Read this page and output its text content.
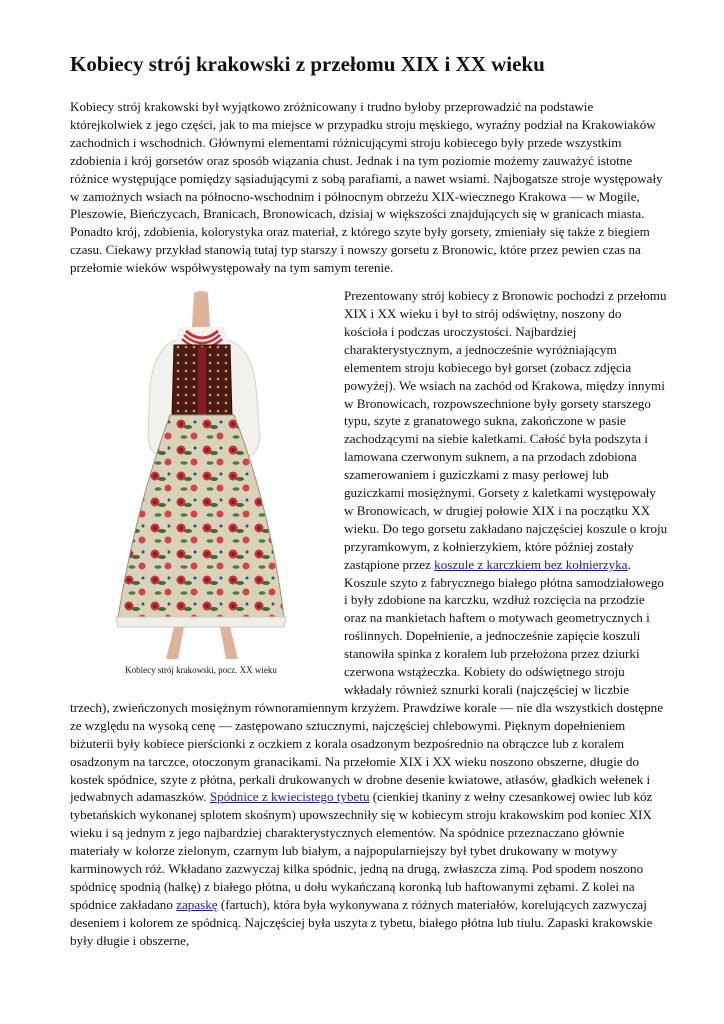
Kobiecy strój krakowski z przełomu XIX i XX wieku

Kobiecy strój krakowski był wyjątkowo zróżnicowany i trudno byłoby przeprowadzić na podstawie którejkolwiek z jego części, jak to ma miejsce w przypadku stroju męskiego, wyraźny podział na Krakowiaków zachodnich i wschodnich. Głównymi elementami różnicującymi stroju kobiecego były przede wszystkim zdobienia i krój gorsetów oraz sposób wiązania chust. Jednak i na tym poziomie możemy zauważyć istotne różnice występujące pomiędzy sąsiadującymi z sobą parafiami, a nawet wsiami. Najbogatsze stroje występowały w zamożnych wsiach na północno-wschodnim i północnym obrzeżu XIX-wiecznego Krakowa — w Mogile, Pleszowie, Bieńczycach, Branicach, Bronowicach, dzisiaj w większości znajdujących się w granicach miasta. Ponadto krój, zdobienia, kolorystyka oraz materiał, z którego szyte były gorsety, zmieniały się także z biegiem czasu. Ciekawy przykład stanowią tutaj typ starszy i nowszy gorsetu z Bronowic, które przez pewien czas na przełomie wieków współwystępowały na tym samym terenie.

Kobiecy strój krakowski, pocz. XX wieku

Prezentowany strój kobiecy z Bronowic pochodzi z przełomu XIX i XX wieku i był to strój odświętny, noszony do kościoła i podczas uroczystości. Najbardziej charakterystycznym, a jednocześnie wyróżniającym elementem stroju kobiecego był gorset (zobacz zdjęcia powyżej). We wsiach na zachód od Krakowa, między innymi w Bronowicach, rozpowszechnione były gorsety starszego typu, szyte z granatowego sukna, zakończone w pasie zachodzącymi na siebie kaletkami. Całość była podszyta i lamowana czerwonym suknem, a na przodach zdobiona szamerowaniem i guziczkami z masy perłowej lub guziczkami mosiężnymi. Gorsety z kaletkami występowały w Bronowicach, w drugiej połowie XIX i na początku XX wieku. Do tego gorsetu zakładano najczęściej koszule o kroju przyramkowym, z kołnierzykiem, które później zostały zastąpione przez koszule z karczkiem bez kołnierzyka. Koszule szyto z fabrycznego białego płótna samodziałowego i były zdobione na karczku, wzdłuż rozcięcia na przodzie oraz na mankietach haftem o motywach geometrycznych i roślinnych. Dopełnienie, a jednocześnie zapięcie koszuli stanowiła spinka z koralem lub przełożona przez dziurki czerwona wstążeczka. Kobiety do odświętnego stroju wkładały również sznurki korali (najczęściej w liczbie trzech), zwieńczonych mosiężnym równoramiennym krzyżem. Prawdziwe korale — nie dla wszystkich dostępne ze względu na wysoką cenę — zastępowano sztucznymi, najczęściej chlebowymi. Pięknym dopełnieniem biżuterii były kobiece pierścionki z oczkiem z korala osadzonym bezpośrednio na obrączce lub z koralem osadzonym na tarczce, otoczonym granacikami. Na przełomie XIX i XX wieku noszono obszerne, długie do kostek spódnice, szyte z płótna, perkali drukowanych w drobne desenie kwiatowe, atłasów, gładkich wełenek i jedwabnych adamaszków. Spódnice z kwiecistego tybetu (cienkiej tkaniny z wełny czesankowej owiec lub kóz tybetańskich wykonanej splotem skośnym) upowszechniły się w kobiecym stroju krakowskim pod koniec XIX wieku i są jednym z jego najbardziej charakterystycznych elementów. Na spódnice przeznaczano głównie materiały w kolorze zielonym, czarnym lub białym, a najpopularniejszy był tybet drukowany w motywy karminowych róż. Wkładano zazwyczaj kilka spódnic, jedną na drugą, zwłaszcza zimą. Pod spodem noszono spódnicę spodnią (halkę) z białego płótna, u dołu wykańczaną koronką lub haftowanymi zębami. Z kolei na spódnice zakładano zapaskę (fartuch), która była wykonywana z różnych materiałów, korelujących zazwyczaj deseniem i kolorem ze spódnicą. Najczęściej była uszyta z tybetu, białego płótna lub tiulu. Zapaski krakowskie były długie i obszerne,
